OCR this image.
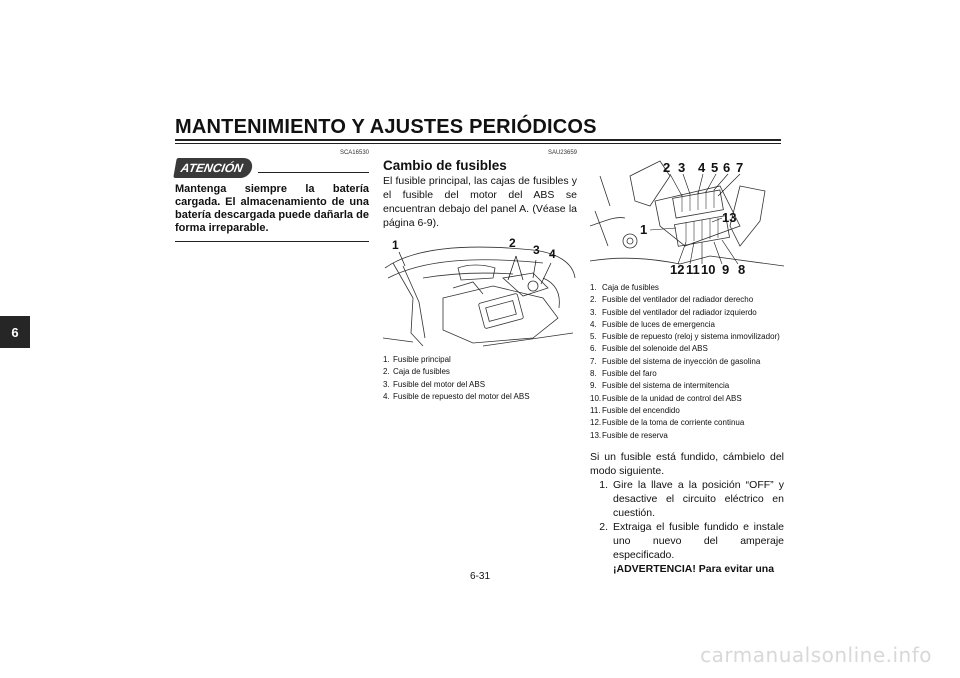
MANTENIMIENTO Y AJUSTES PERIÓDICOS
6
SCA16530
ATENCIÓN

Mantenga siempre la batería cargada. El almacenamiento de una batería descargada puede dañarla de forma irreparable.

SAU23659
Cambio de fusibles

El fusible principal, las cajas de fusibles y el fusible del motor del ABS se encuentran debajo del panel A. (Véase la página 6-9).

1	2 3 4
1. Fusible principal
2. Caja de fusibles
3. Fusible del motor del ABS
4. Fusible de repuesto del motor del ABS
2 3 4 5 6 7
13
1
12 11 10 9 8
1. Caja de fusibles
2. Fusible del ventilador del radiador derecho
3. Fusible del ventilador del radiador izquierdo
4. Fusible de luces de emergencia
5. Fusible de repuesto (reloj y sistema inmovilizador)
6. Fusible del solenoide del ABS
7. Fusible del sistema de inyección de gasolina
8. Fusible del faro
9. Fusible del sistema de intermitencia
10. Fusible de la unidad de control del ABS
11. Fusible del encendido
12. Fusible de la toma de corriente continua
13. Fusible de reserva

Si un fusible está fundido, cámbielo del modo siguiente.

1. Gire la llave a la posición “OFF” y desactive el circuito eléctrico en cuestión.
2. Extraiga el fusible fundido e instale uno nuevo del amperaje especificado.
¡ADVERTENCIA! Para evitar una
6-31
carmanualsonline.info
